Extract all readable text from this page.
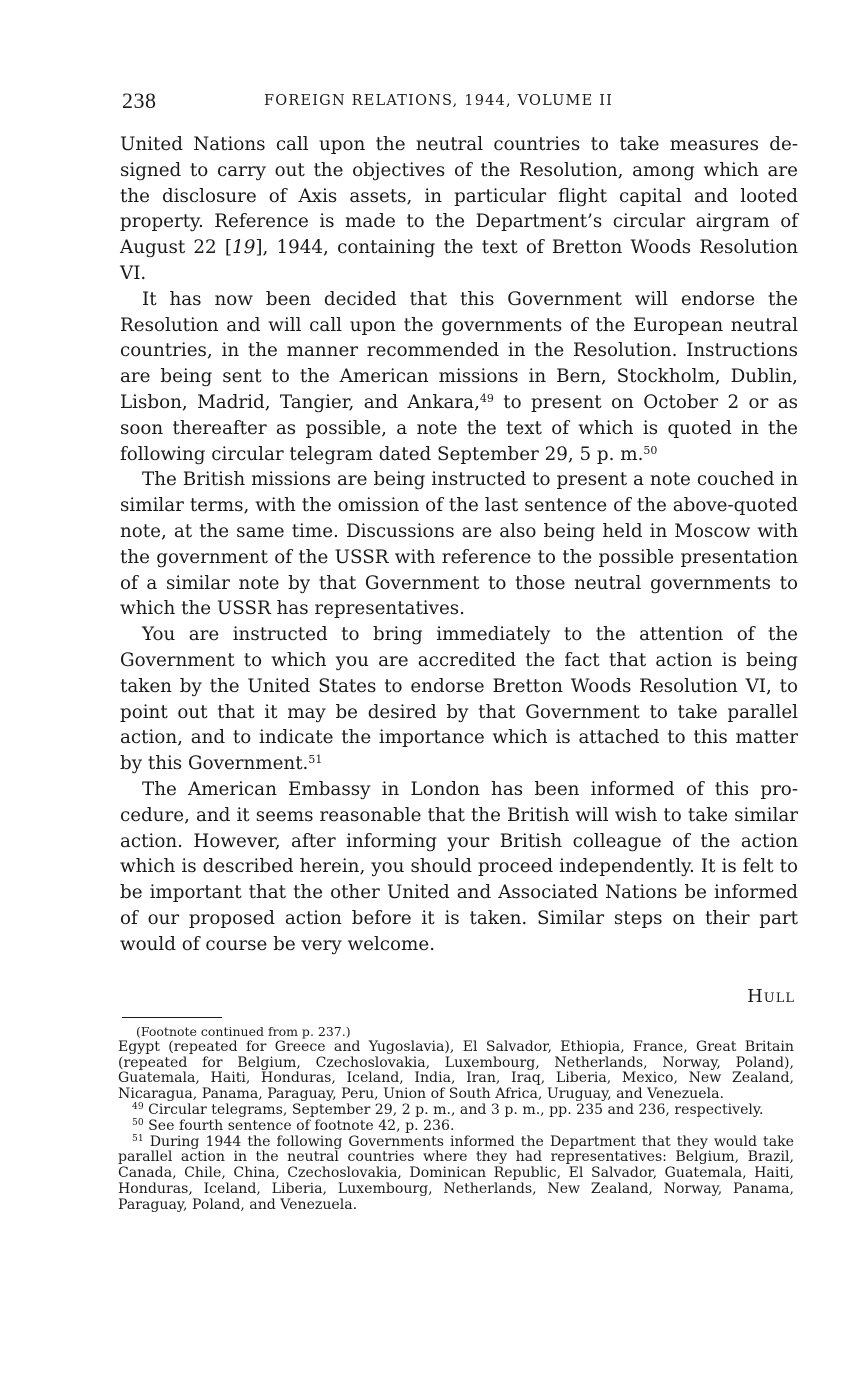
238	FOREIGN RELATIONS, 1944, VOLUME II

United Nations call upon the neutral countries to take measures designed to carry out the objectives of the Resolution, among which are the disclosure of Axis assets, in particular flight capital and looted property. Reference is made to the Department’s circular airgram of August 22 [19], 1944, containing the text of Bretton Woods Resolution VI.

It has now been decided that this Government will endorse the Resolution and will call upon the governments of the European neutral countries, in the manner recommended in the Resolution. Instructions are being sent to the American missions in Bern, Stockholm, Dublin, Lisbon, Madrid, Tangier, and Ankara,$^{49}$ to present on October 2 or as soon thereafter as possible, a note the text of which is quoted in the following circular telegram dated September 29, 5 p. m.$^{50}$

The British missions are being instructed to present a note couched in similar terms, with the omission of the last sentence of the above-quoted note, at the same time. Discussions are also being held in Moscow with the government of the USSR with reference to the possible presentation of a similar note by that Government to those neutral governments to which the USSR has representatives.

You are instructed to bring immediately to the attention of the Government to which you are accredited the fact that action is being taken by the United States to endorse Bretton Woods Resolution VI, to point out that it may be desired by that Government to take parallel action, and to indicate the importance which is attached to this matter by this Government.$^{51}$

The American Embassy in London has been informed of this procedure, and it seems reasonable that the British will wish to take similar action. However, after informing your British colleague of the action which is described herein, you should proceed independently. It is felt to be important that the other United and Associated Nations be informed of our proposed action before it is taken. Similar steps on their part would of course be very welcome.

Hull

(Footnote continued from p. 237.)

Egypt (repeated for Greece and Yugoslavia), El Salvador, Ethiopia, France, Great Britain (repeated for Belgium, Czechoslovakia, Luxembourg, Netherlands, Norway, Poland), Guatemala, Haiti, Honduras, Iceland, India, Iran, Iraq, Liberia, Mexico, New Zealand, Nicaragua, Panama, Paraguay, Peru, Union of South Africa, Uruguay, and Venezuela.

$^{49}$ Circular telegrams, September 29, 2 p. m., and 3 p. m., pp. 235 and 236, respectively.

$^{50}$ See fourth sentence of footnote 42, p. 236.

$^{51}$ During 1944 the following Governments informed the Department that they would take parallel action in the neutral countries where they had representatives: Belgium, Brazil, Canada, Chile, China, Czechoslovakia, Dominican Republic, El Salvador, Guatemala, Haiti, Honduras, Iceland, Liberia, Luxembourg, Netherlands, New Zealand, Norway, Panama, Paraguay, Poland, and Venezuela.
